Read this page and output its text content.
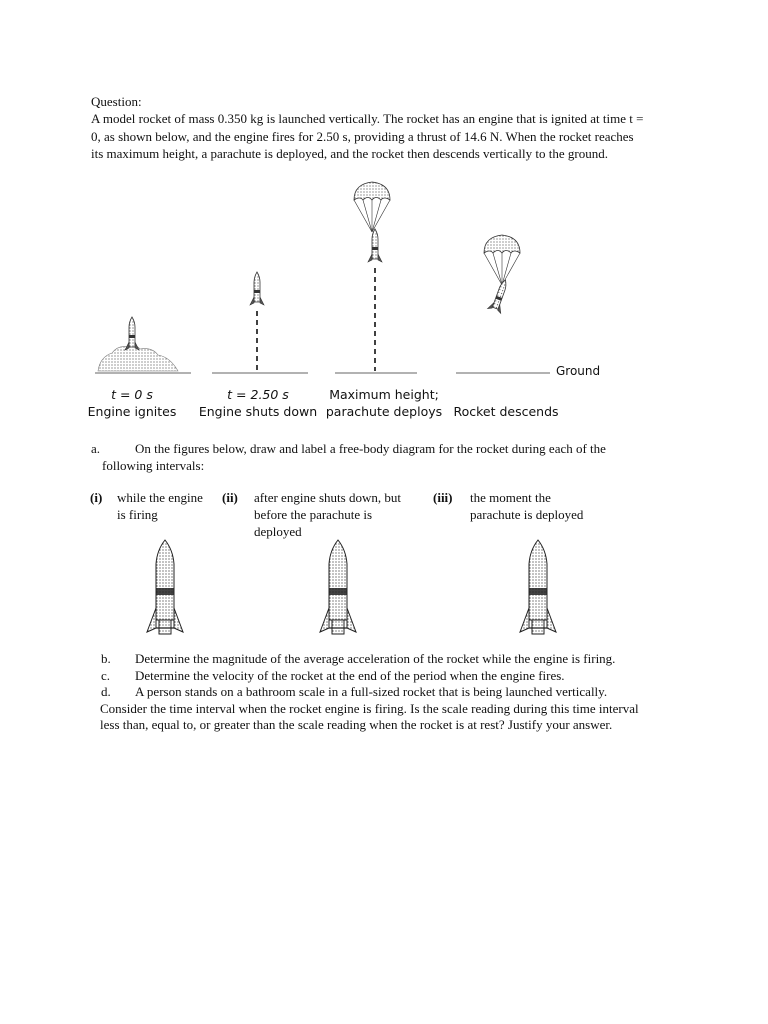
Question:
A model rocket of mass 0.350 kg is launched vertically. The rocket has an engine that is ignited at time t =
0, as shown below, and the engine fires for 2.50 s, providing a thrust of 14.6 N. When the rocket reaches
its maximum height, a parachute is deployed, and the rocket then descends vertically to the ground.
Ground
t = 0 s
Engine ignites
t = 2.50 s
Engine shuts down
Maximum height;
parachute deploys
Rocket descends
a.	On the figures below, draw and label a free-body diagram for the rocket during each of the
following intervals:
(i) while the engine
is firing
(ii) after engine shuts down, but
before the parachute is
deployed
(iii) the moment the
parachute is deployed
b. Determine the magnitude of the average acceleration of the rocket while the engine is firing.
c. Determine the velocity of the rocket at the end of the period when the engine fires.
d. A person stands on a bathroom scale in a full-sized rocket that is being launched vertically.
Consider the time interval when the rocket engine is firing. Is the scale reading during this time interval
less than, equal to, or greater than the scale reading when the rocket is at rest? Justify your answer.
